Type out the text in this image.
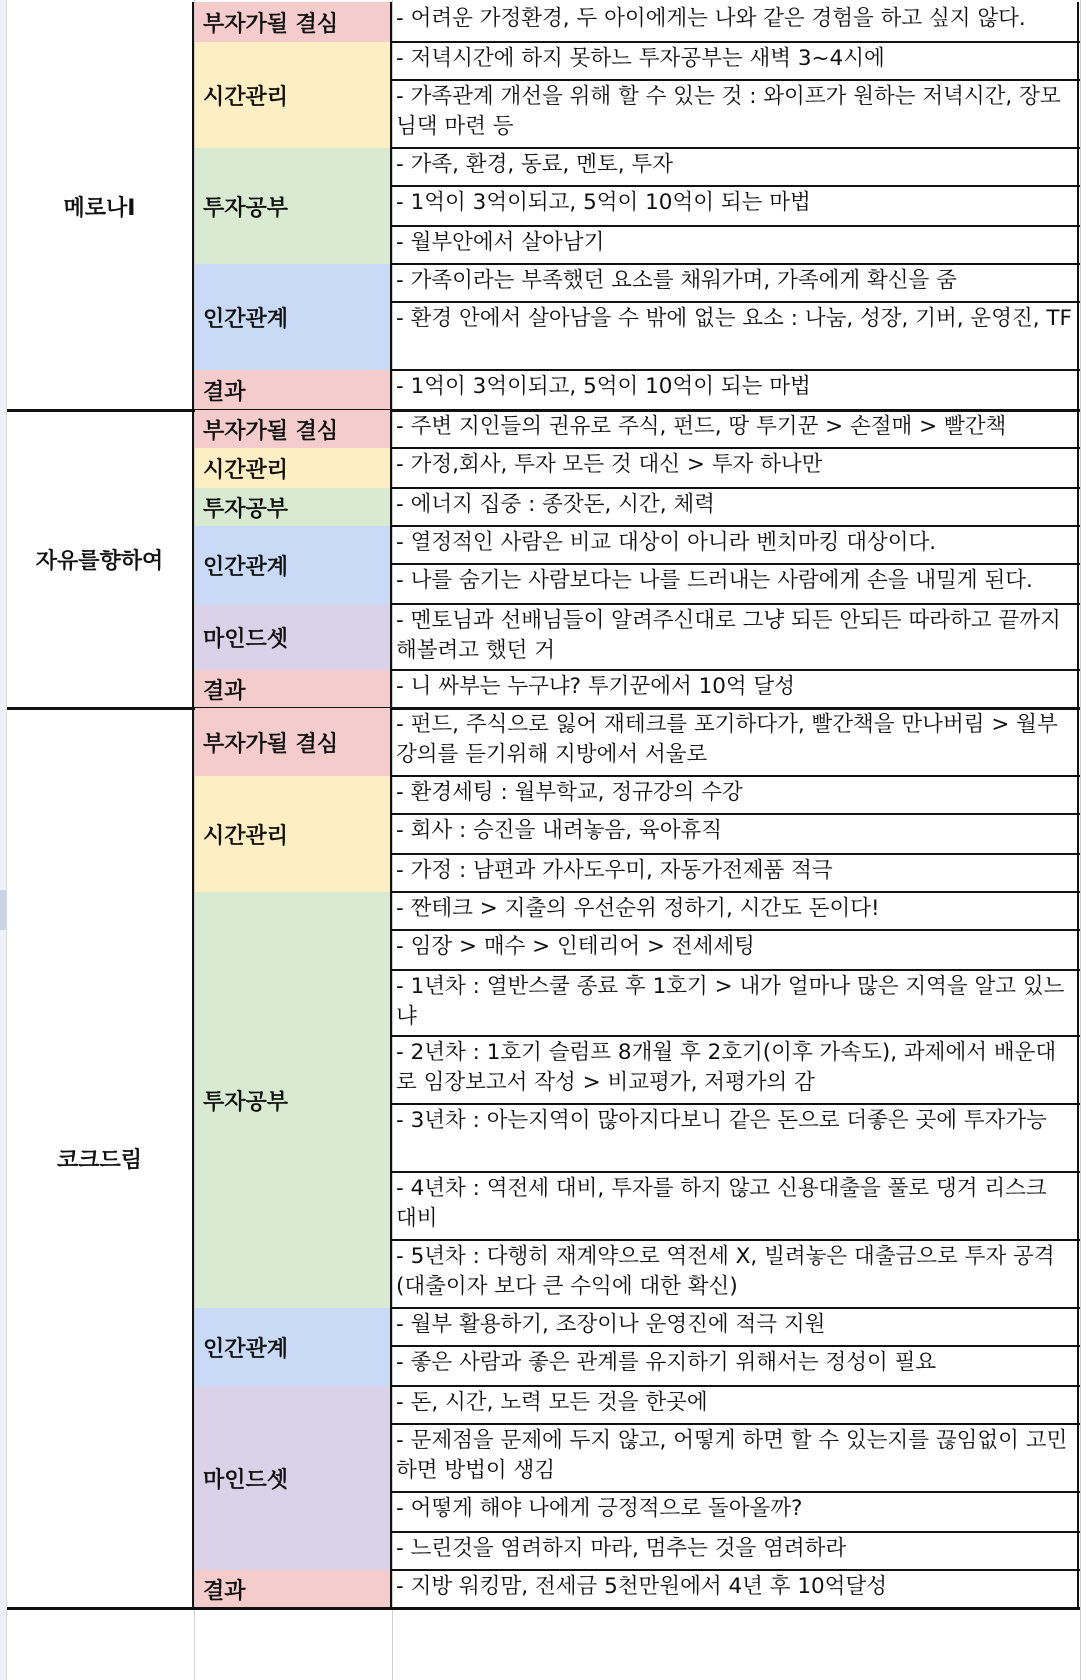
- 어려운 가정환경, 두 아이에게는 나와 같은 경험을 하고 싶지 않다.
부자가될 결심
- 저녁시간에 하지 못하느 투자공부는 새벽 3~4시에
- 가족관계 개선을 위해 할 수 있는 것 : 와이프가 원하는 저녁시간, 장모님댁 마련 등
시간관리
- 가족, 환경, 동료, 멘토, 투자
- 1억이 3억이되고, 5억이 10억이 되는 마법
- 월부안에서 살아남기
투자공부
- 가족이라는 부족했던 요소를 채워가며, 가족에게 확신을 줌
- 환경 안에서 살아남을 수 밖에 없는 요소 : 나눔, 성장, 기버, 운영진, TF
인간관계
- 1억이 3억이되고, 5억이 10억이 되는 마법
결과
메로나I
- 주변 지인들의 권유로 주식, 펀드, 땅 투기꾼 > 손절매 > 빨간책
부자가될 결심
- 가정,회사, 투자 모든 것 대신 > 투자 하나만
시간관리
- 에너지 집중 : 종잣돈, 시간, 체력
투자공부
- 열정적인 사람은 비교 대상이 아니라 벤치마킹 대상이다.
- 나를 숨기는 사람보다는 나를 드러내는 사람에게 손을 내밀게 된다.
인간관계
- 멘토님과 선배님들이 알려주신대로 그냥 되든 안되든 따라하고 끝까지 해볼려고 했던 거
마인드셋
- 니 싸부는 누구냐? 투기꾼에서 10억 달성
결과
자유를향하여
- 펀드, 주식으로 잃어 재테크를 포기하다가, 빨간책을 만나버림 > 월부 강의를 듣기위해 지방에서 서울로
부자가될 결심
- 환경세팅 : 월부학교, 정규강의 수강
- 회사 : 승진을 내려놓음, 육아휴직
- 가정 : 남편과 가사도우미, 자동가전제품 적극
시간관리
- 짠테크 > 지출의 우선순위 정하기, 시간도 돈이다!
- 임장 > 매수 > 인테리어 > 전세세팅
- 1년차 : 열반스쿨 종료 후 1호기 > 내가 얼마나 많은 지역을 알고 있느냐
- 2년차 : 1호기 슬럼프 8개월 후 2호기(이후 가속도), 과제에서 배운대로 임장보고서 작성 > 비교평가, 저평가의 감
- 3년차 : 아는지역이 많아지다보니 같은 돈으로 더좋은 곳에 투자가능
- 4년차 : 역전세 대비, 투자를 하지 않고 신용대출을 풀로 댕겨 리스크 대비
- 5년차 : 다행히 재계약으로 역전세 X, 빌려놓은 대출금으로 투자 공격(대출이자 보다 큰 수익에 대한 확신)
투자공부
- 월부 활용하기, 조장이나 운영진에 적극 지원
- 좋은 사람과 좋은 관계를 유지하기 위해서는 정성이 필요
인간관계
- 돈, 시간, 노력 모든 것을 한곳에
- 문제점을 문제에 두지 않고, 어떻게 하면 할 수 있는지를 끊임없이 고민하면 방법이 생김
- 어떻게 해야 나에게 긍정적으로 돌아올까?
- 느린것을 염려하지 마라, 멈추는 것을 염려하라
마인드셋
- 지방 워킹맘, 전세금 5천만원에서 4년 후 10억달성
결과
코크드림
